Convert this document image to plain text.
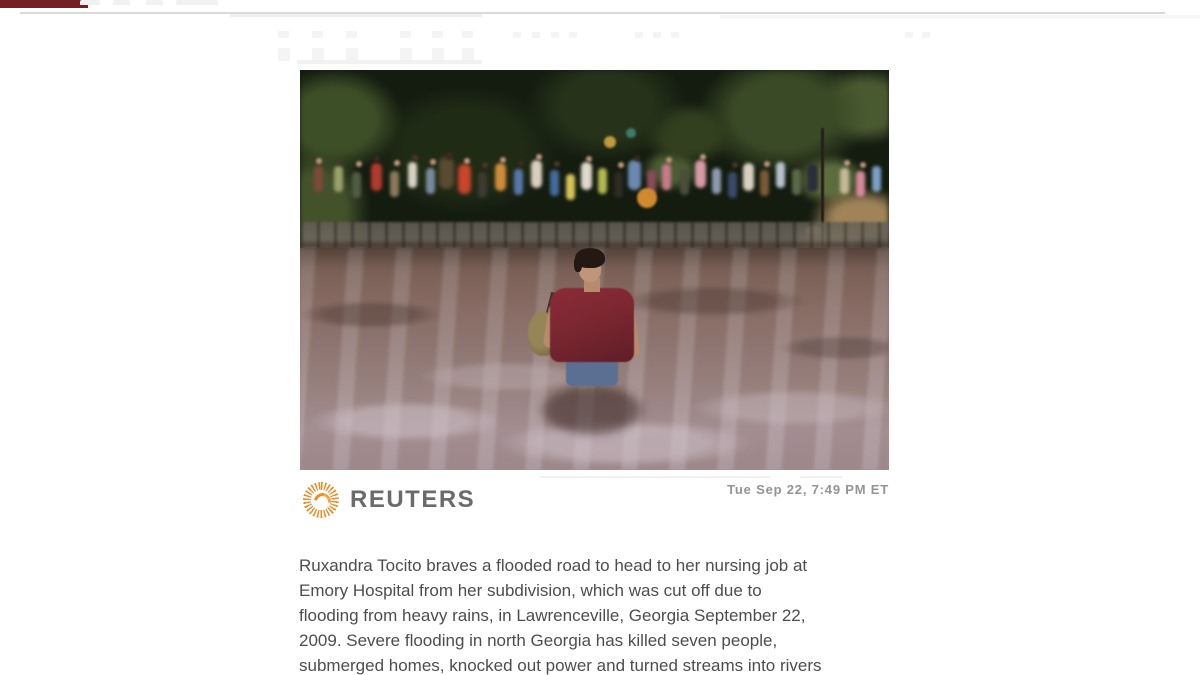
REUTERS	Tue Sep 22, 7:49 PM ET
Ruxandra Tocito braves a flooded road to head to her nursing job at
Emory Hospital from her subdivision, which was cut off due to
flooding from heavy rains, in Lawrenceville, Georgia September 22,
2009. Severe flooding in north Georgia has killed seven people,
submerged homes, knocked out power and turned streams into rivers
